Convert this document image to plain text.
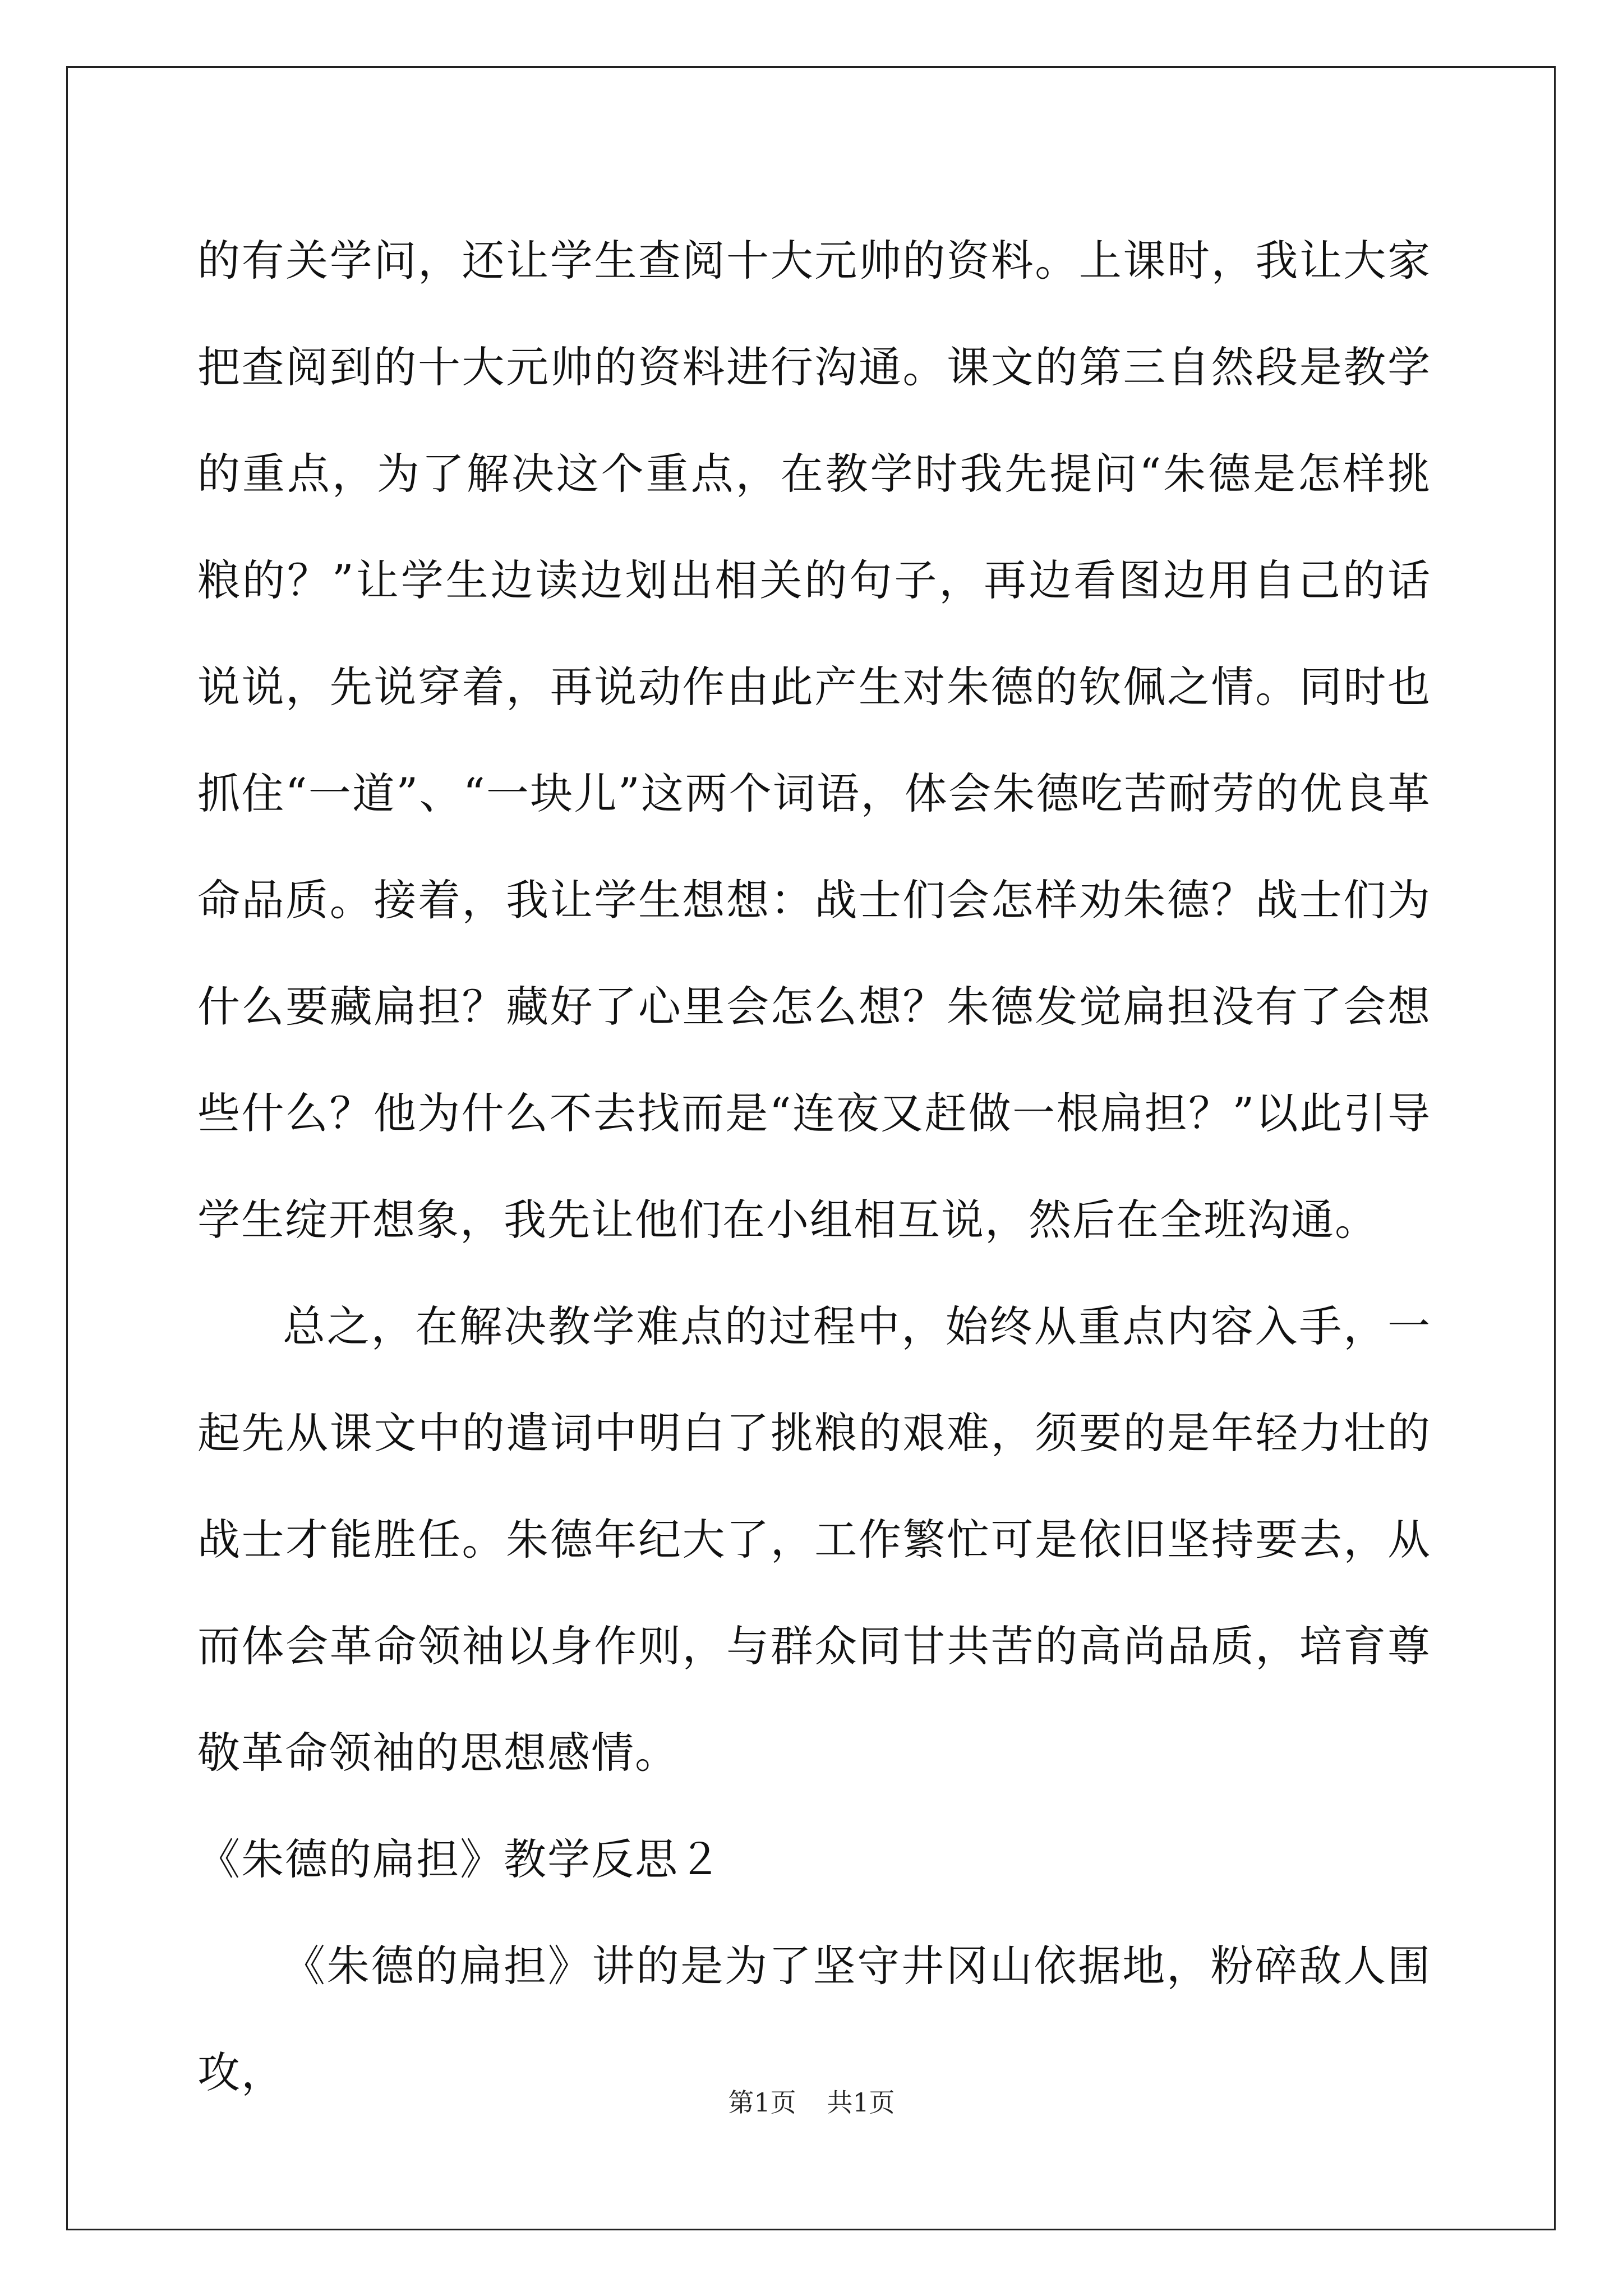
的有关学问，还让学生查阅十大元帅的资料。上课时，我让大家把查阅到的十大元帅的资料进行沟通。课文的第三自然段是教学的重点，为了解决这个重点，在教学时我先提问“朱德是怎样挑粮的？”让学生边读边划出相关的句子，再边看图边用自己的话说说，先说穿着，再说动作由此产生对朱德的钦佩之情。同时也抓住“一道”、“一块儿”这两个词语，体会朱德吃苦耐劳的优良革命品质。接着，我让学生想想：战士们会怎样劝朱德？战士们为什么要藏扁担？藏好了心里会怎么想？朱德发觉扁担没有了会想些什么？他为什么不去找而是“连夜又赶做一根扁担？”以此引导学生绽开想象，我先让他们在小组相互说，然后在全班沟通。

总之，在解决教学难点的过程中，始终从重点内容入手，一起先从课文中的遣词中明白了挑粮的艰难，须要的是年轻力壮的战士才能胜任。朱德年纪大了，工作繁忙可是依旧坚持要去，从而体会革命领袖以身作则，与群众同甘共苦的高尚品质，培育尊敬革命领袖的思想感情。

《朱德的扁担》教学反思２

《朱德的扁担》讲的是为了坚守井冈山依据地，粉碎敌人围攻，

第1页 共1页
